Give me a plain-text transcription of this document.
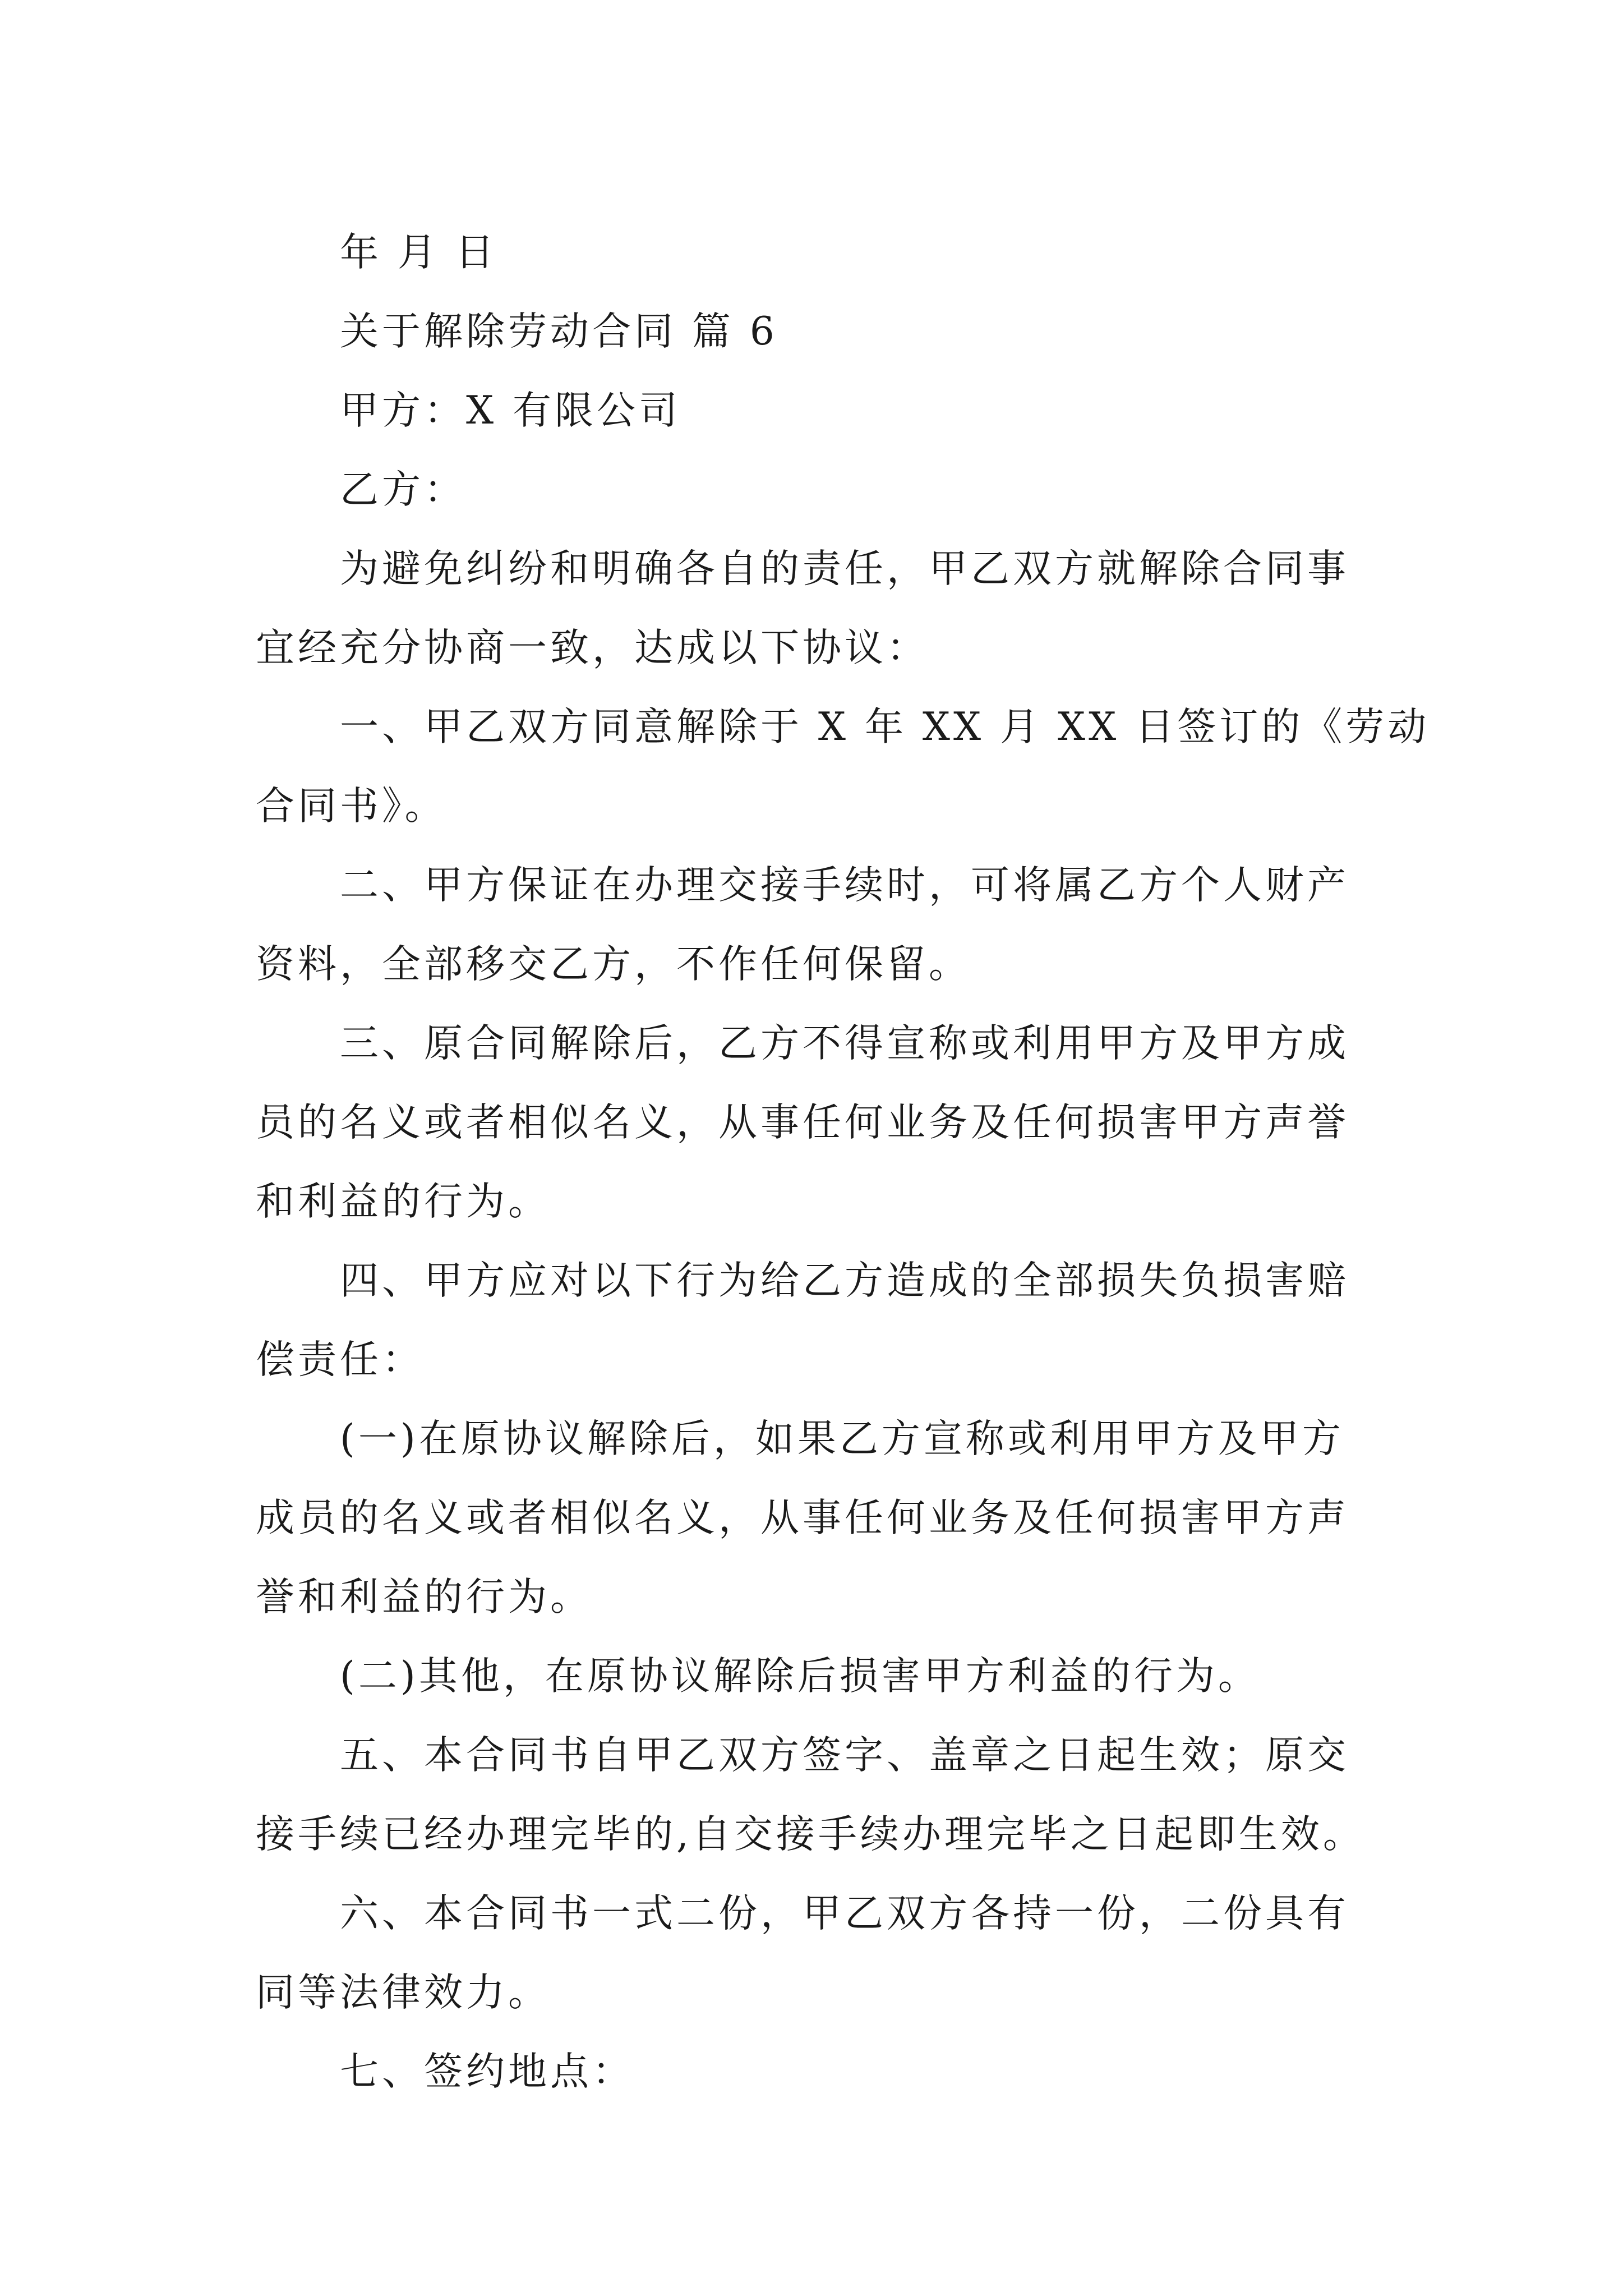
年 月 日
关于解除劳动合同 篇 6
甲方：X 有限公司
乙方：
为避免纠纷和明确各自的责任，甲乙双方就解除合同事
宜经充分协商一致，达成以下协议：
一、甲乙双方同意解除于 X 年 XX 月 XX 日签订的《劳动
合同书》。
二、甲方保证在办理交接手续时，可将属乙方个人财产
资料，全部移交乙方，不作任何保留。
三、原合同解除后，乙方不得宣称或利用甲方及甲方成
员的名义或者相似名义，从事任何业务及任何损害甲方声誉
和利益的行为。
四、甲方应对以下行为给乙方造成的全部损失负损害赔
偿责任：
(一)在原协议解除后，如果乙方宣称或利用甲方及甲方
成员的名义或者相似名义，从事任何业务及任何损害甲方声
誉和利益的行为。
(二)其他，在原协议解除后损害甲方利益的行为。
五、本合同书自甲乙双方签字、盖章之日起生效；原交
接手续已经办理完毕的,自交接手续办理完毕之日起即生效。
六、本合同书一式二份，甲乙双方各持一份，二份具有
同等法律效力。
七、签约地点：
